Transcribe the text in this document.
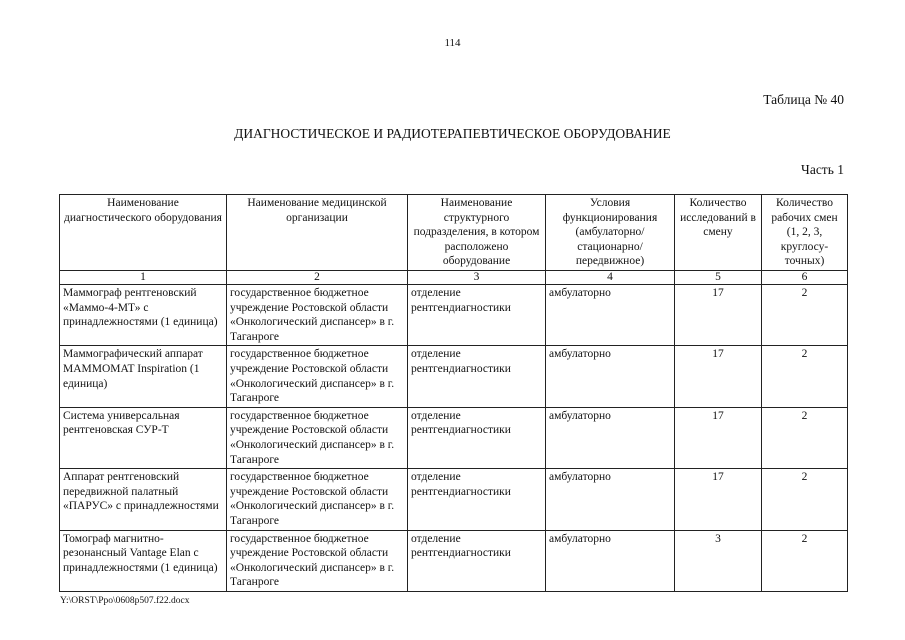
114
Таблица № 40
ДИАГНОСТИЧЕСКОЕ И РАДИОТЕРАПЕВТИЧЕСКОЕ ОБОРУДОВАНИЕ
Часть 1
Наименование диагностического оборудования	Наименование медицинской организации	Наименование структурного подразделения, в котором расположено оборудование	Условия функционирования (амбулаторно/ стационарно/ передвижное)	Количество исследований в смену	Количество рабочих смен (1, 2, 3, круглосу-точных)
1	2	3	4	5	6
Маммограф рентгеновский «Маммо-4-МТ» с принадлежностями (1 единица)	государственное бюджетное учреждение Ростовской области «Онкологический диспансер» в г. Таганроге	отделение рентгендиагностики	амбулаторно	17	2
Маммографический аппарат MAMMOMAT Inspiration (1 единица)	государственное бюджетное учреждение Ростовской области «Онкологический диспансер» в г. Таганроге	отделение рентгендиагностики	амбулаторно	17	2
Система универсальная рентгеновская СУР-Т	государственное бюджетное учреждение Ростовской области «Онкологический диспансер» в г. Таганроге	отделение рентгендиагностики	амбулаторно	17	2
Аппарат рентгеновский передвижной палатный «ПАРУС» с принадлежностями	государственное бюджетное учреждение Ростовской области «Онкологический диспансер» в г. Таганроге	отделение рентгендиагностики	амбулаторно	17	2
Томограф магнитно-резонансный Vantage Elan с принадлежностями (1 единица)	государственное бюджетное учреждение Ростовской области «Онкологический диспансер» в г. Таганроге	отделение рентгендиагностики	амбулаторно	3	2
Y:\ORST\Ppo\0608p507.f22.docx
